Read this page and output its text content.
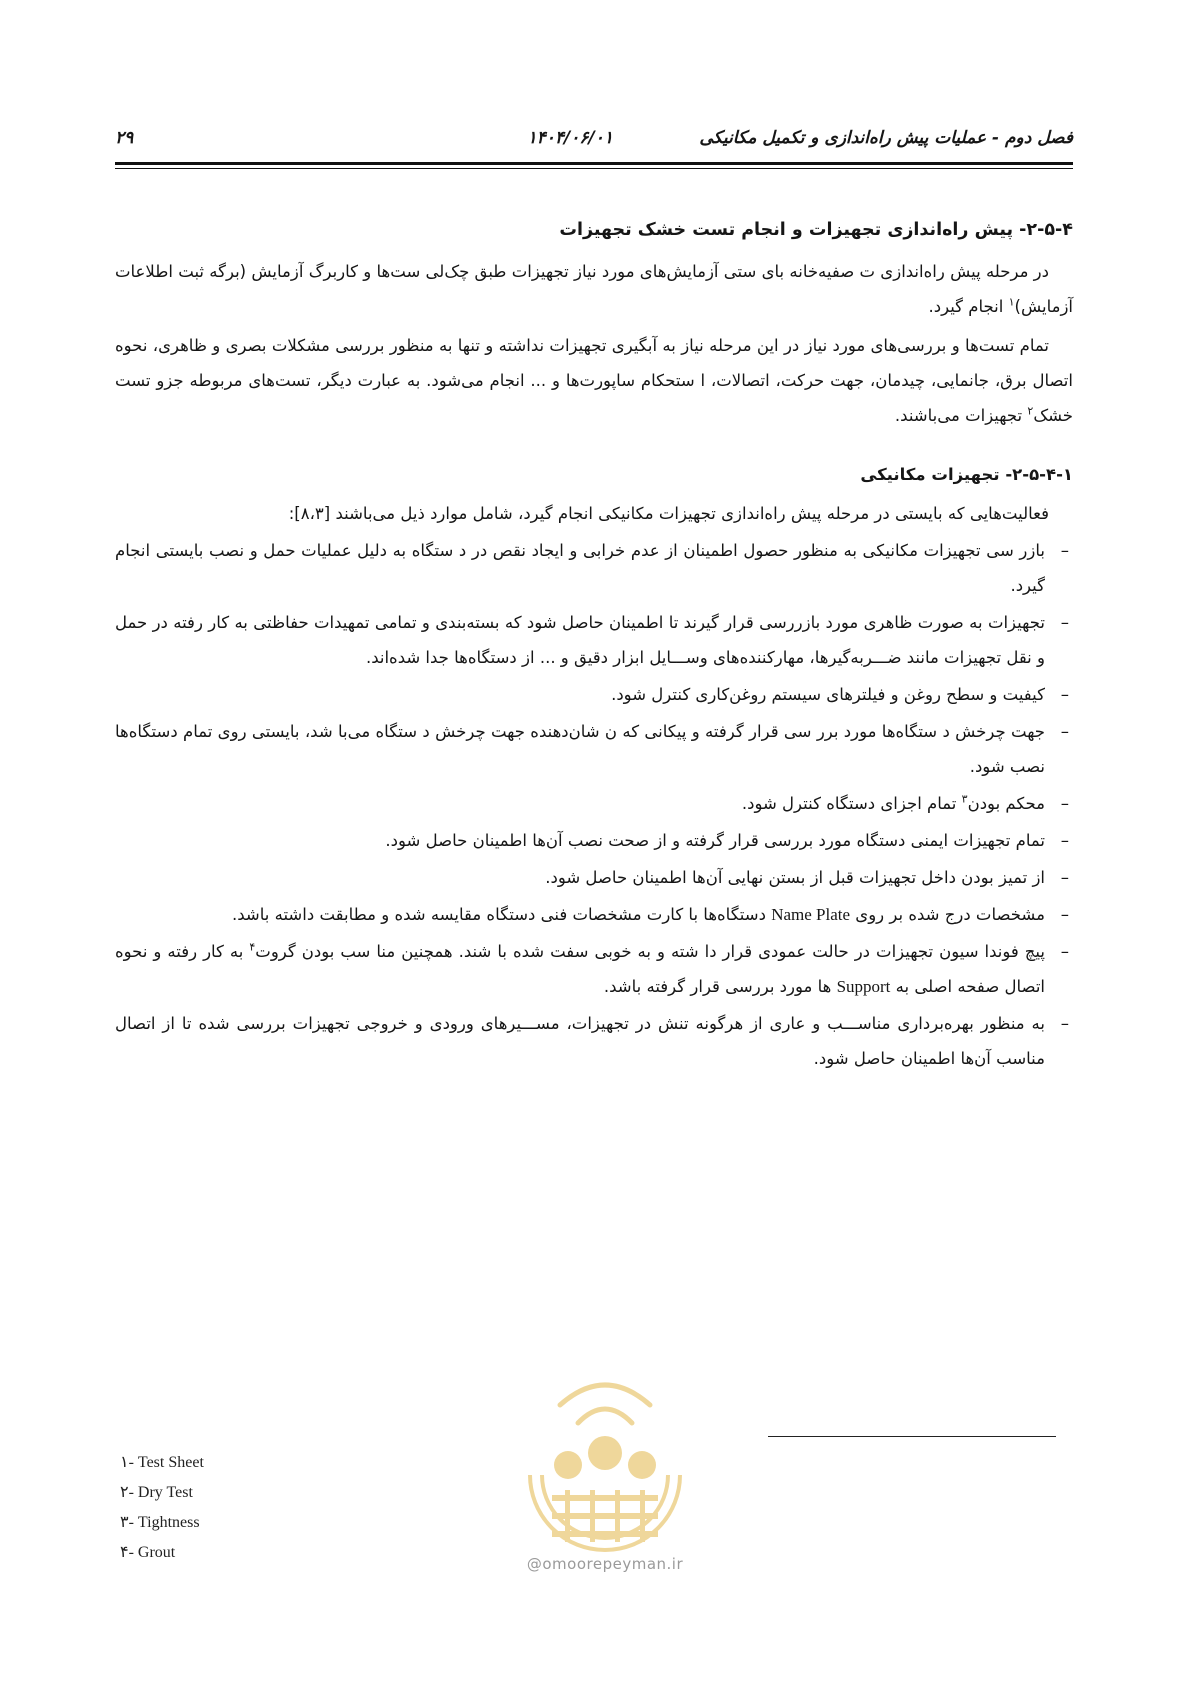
فصل دوم - عملیات پیش راه‌اندازی و تکمیل مکانیکی
۱۴۰۴/۰۶/۰۱
۲۹
۲-۵-۴- پیش راه‌اندازی تجهیزات و انجام تست خشک تجهیزات

در مرحله پیش راه‌اندازی ت صفیه‌خانه بای ستی آزمایش‌های مورد نیاز تجهیزات طبق چک‌لی ست‌ها و کاربرگ آزمایش (برگه ثبت اطلاعات آزمایش)$^۱$ انجام گیرد.

تمام تست‌ها و بررسی‌های مورد نیاز در این مرحله نیاز به آبگیری تجهیزات نداشته و تنها به منظور بررسی مشکلات بصری و ظاهری، نحوه اتصال برق، جانمایی، چیدمان، جهت حرکت، اتصالات، ا ستحکام ساپورت‌ها و ... انجام می‌شود. به عبارت دیگر، تست‌های مربوطه جزو تست خشک$^۲$ تجهیزات می‌باشند.

۲-۵-۴-۱- تجهیزات مکانیکی

فعالیت‌هایی که بایستی در مرحله پیش راه‌اندازی تجهیزات مکانیکی انجام گیرد، شامل موارد ذیل می‌باشند [۸،۳]:

–
بازر سی تجهیزات مکانیکی به منظور حصول اطمینان از عدم خرابی و ایجاد نقص در د ستگاه به دلیل عملیات حمل و نصب بایستی انجام گیرد.
–
تجهیزات به صورت ظاهری مورد بازررسی قرار گیرند تا اطمینان حاصل شود که بسته‌بندی و تمامی تمهیدات حفاظتی به کار رفته در حمل و نقل تجهیزات مانند ضـــربه‌گیرها، مهارکننده‌های وســـایل ابزار دقیق و ... از دستگاه‌ها جدا شده‌اند.
–
کیفیت و سطح روغن و فیلترهای سیستم روغن‌کاری کنترل شود.
–
جهت چرخش د ستگاه‌ها مورد برر سی قرار گرفته و پیکانی که ن شان‌دهنده جهت چرخش د ستگاه می‌با شد، بایستی روی تمام دستگاه‌ها نصب شود.
–
محکم بودن$^۳$ تمام اجزای دستگاه کنترل شود.
–
تمام تجهیزات ایمنی دستگاه مورد بررسی قرار گرفته و از صحت نصب آن‌ها اطمینان حاصل شود.
–
از تمیز بودن داخل تجهیزات قبل از بستن نهایی آن‌ها اطمینان حاصل شود.
–
مشخصات درج شده بر روی Name Plate دستگاه‌ها با کارت مشخصات فنی دستگاه مقایسه شده و مطابقت داشته باشد.
–
پیچ فوندا سیون تجهیزات در حالت عمودی قرار دا شته و به خوبی سفت شده با شند. همچنین منا سب بودن گروت$^۴$ به کار رفته و نحوه اتصال صفحه اصلی به Support ها مورد بررسی قرار گرفته باشد.
–
به منظور بهره‌برداری مناســـب و عاری از هرگونه تنش در تجهیزات، مســـیرهای ورودی و خروجی تجهیزات بررسی شده تا از اتصال مناسب آن‌ها اطمینان حاصل شود.
@omoorepeyman.ir
۱- Test Sheet
۲- Dry Test
۳- Tightness
۴- Grout
